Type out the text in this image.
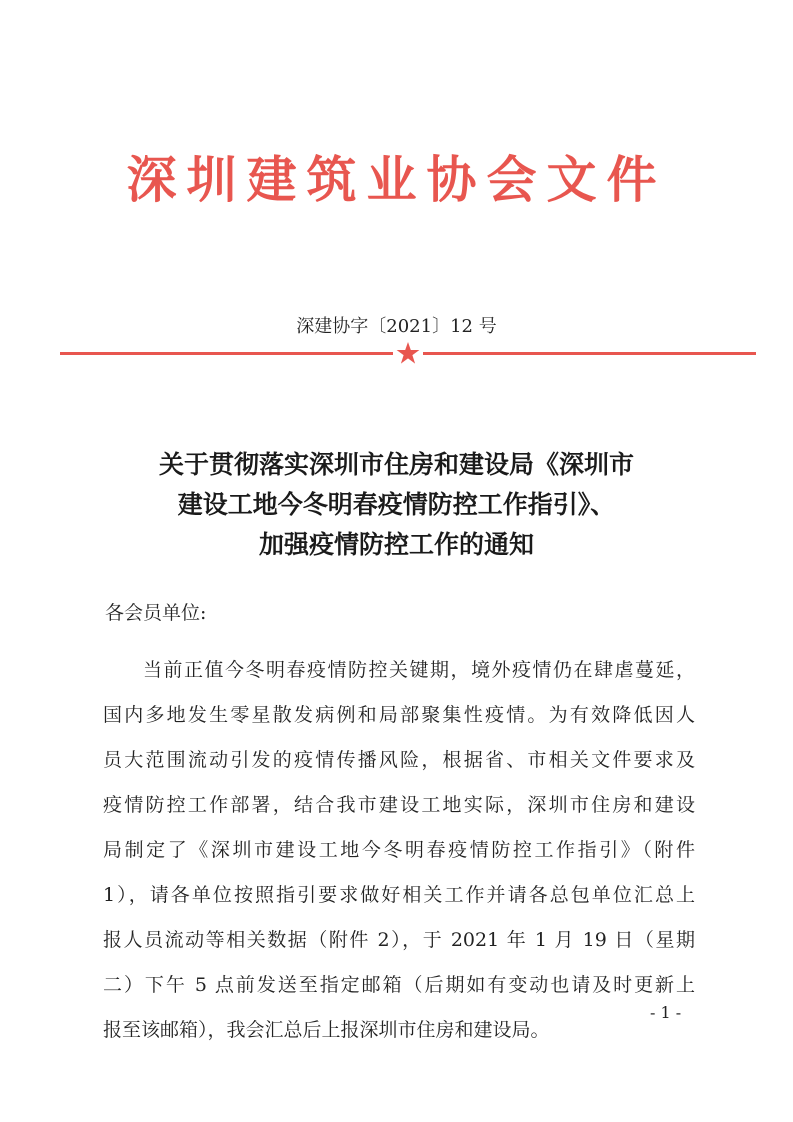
深圳建筑业协会文件
深建协字〔2021〕12 号
关于贯彻落实深圳市住房和建设局《深圳市
建设工地今冬明春疫情防控工作指引》、
加强疫情防控工作的通知
各会员单位:
当前正值今冬明春疫情防控关键期，境外疫情仍在肆虐蔓延，
国内多地发生零星散发病例和局部聚集性疫情。为有效降低因人
员大范围流动引发的疫情传播风险，根据省、市相关文件要求及
疫情防控工作部署，结合我市建设工地实际，深圳市住房和建设
局制定了《深圳市建设工地今冬明春疫情防控工作指引》（附件
1），请各单位按照指引要求做好相关工作并请各总包单位汇总上
报人员流动等相关数据（附件 2），于 2021 年 1 月 19 日（星期
二）下午 5 点前发送至指定邮箱（后期如有变动也请及时更新上
报至该邮箱），我会汇总后上报深圳市住房和建设局。
- 1 -
